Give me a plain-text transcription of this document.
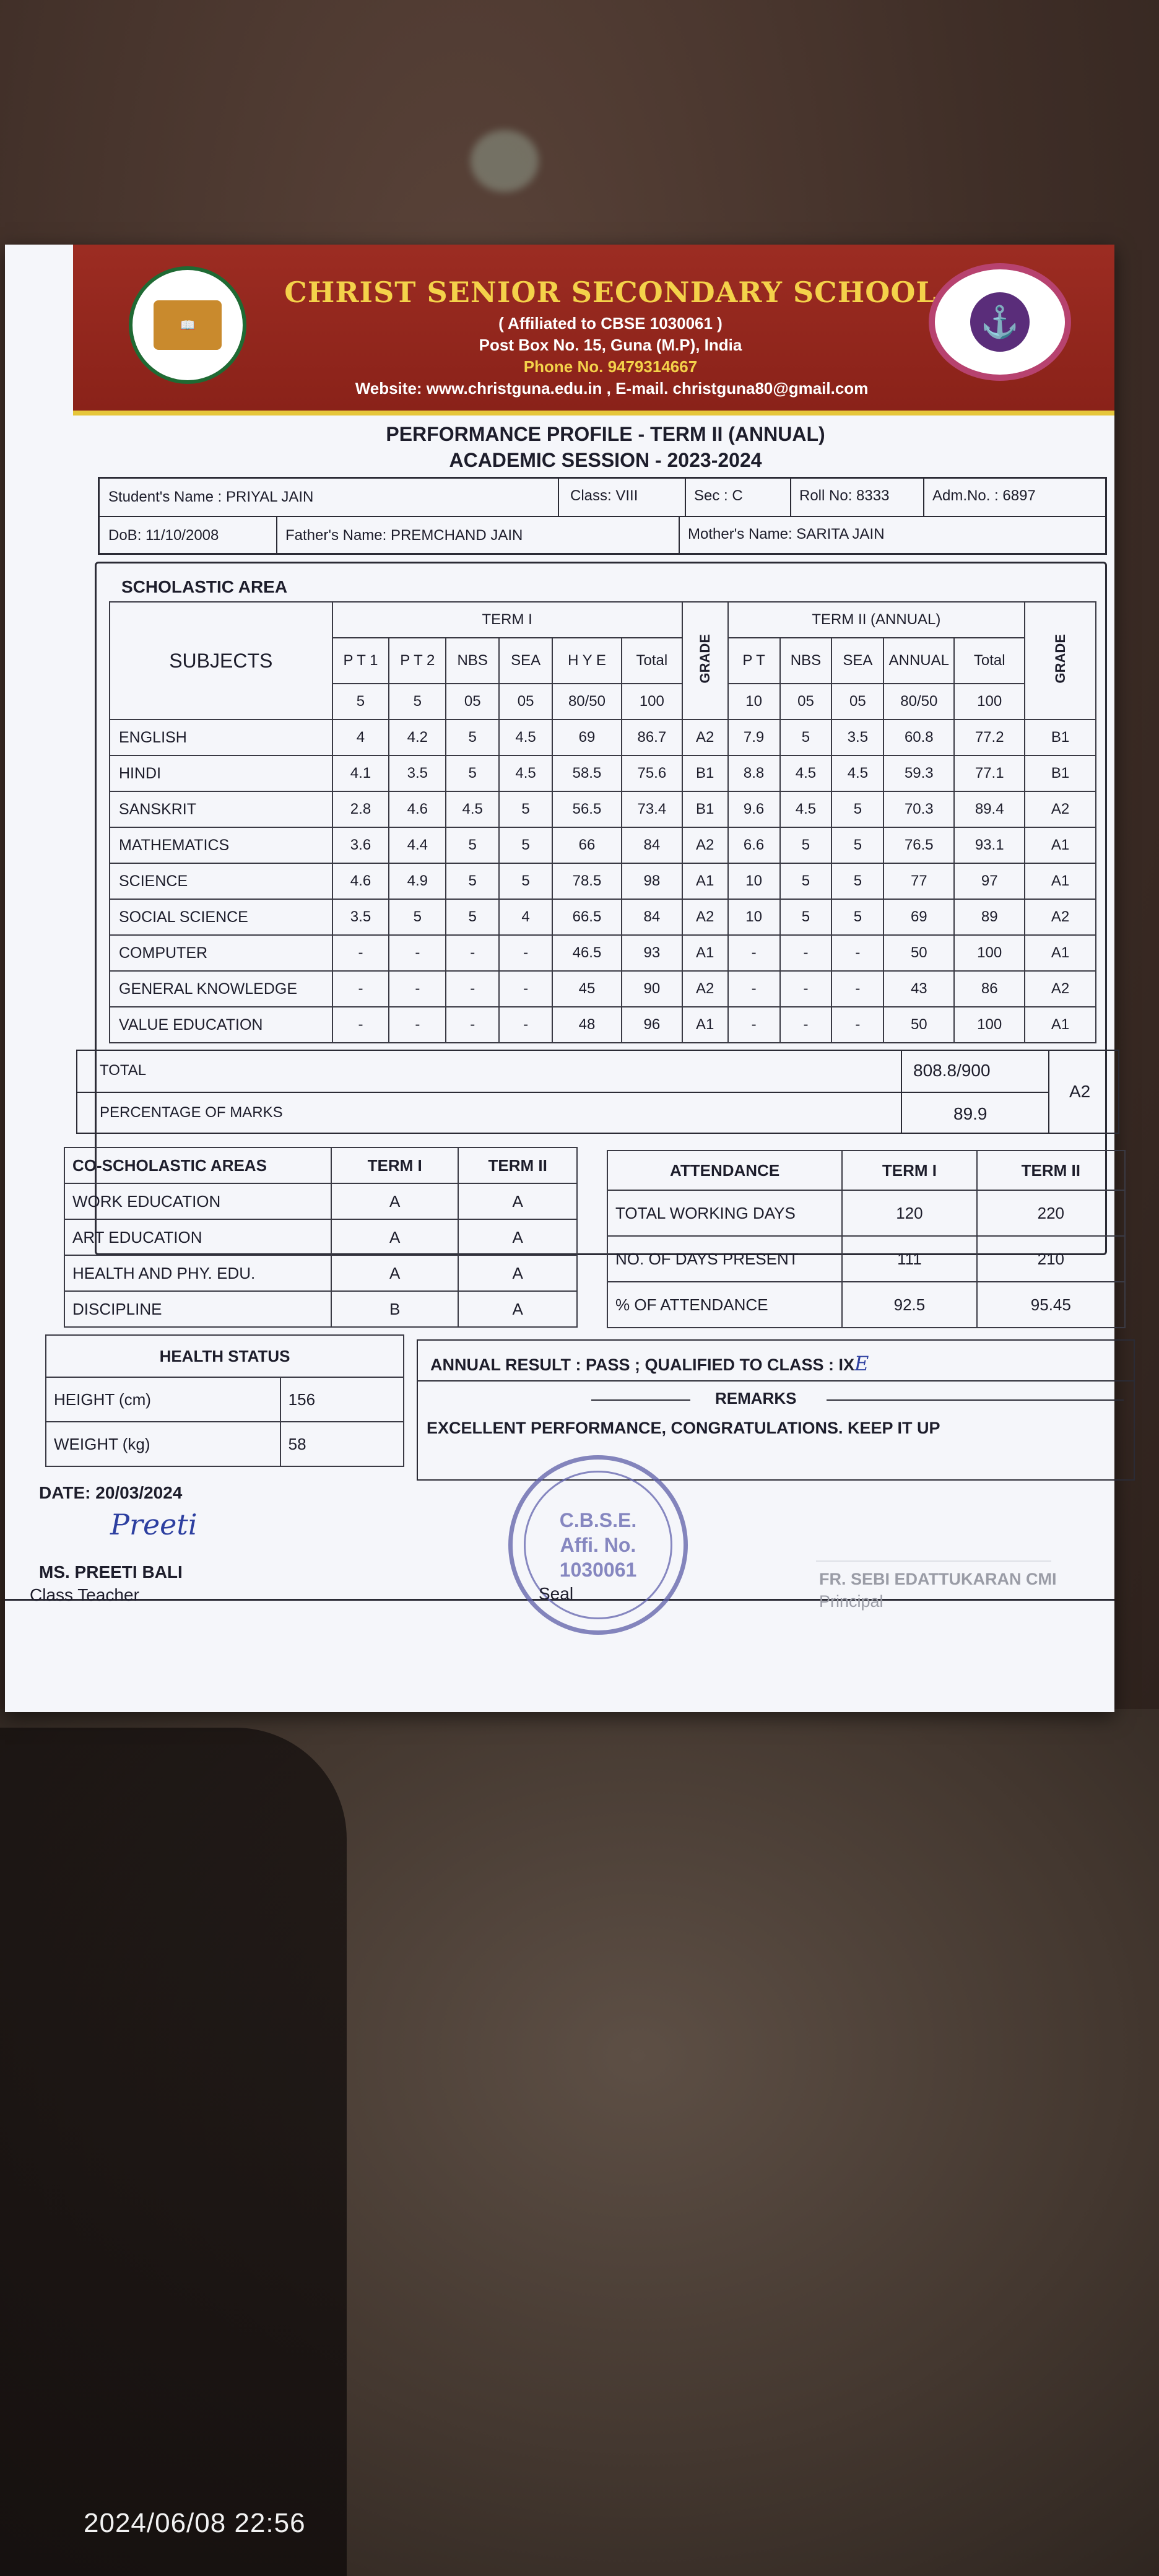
📖
CHRIST SENIOR SECONDARY SCHOOL
( Affiliated to CBSE 1030061 )
Post Box No. 15, Guna (M.P), India
Phone No. 9479314667
Website: www.christguna.edu.in , E-mail. christguna80@gmail.com
⚓
PERFORMANCE PROFILE - TERM II (ANNUAL)
ACADEMIC SESSION - 2023-2024
Student's Name : PRIYAL JAIN	Class: VIII	Sec : C	Roll No: 8333	Adm.No. : 6897
DoB: 11/10/2008	Father's Name: PREMCHAND JAIN	Mother's Name: SARITA JAIN
SCHOLASTIC AREA
SUBJECTS	TERM I						GRADE	TERM II (ANNUAL)					GRADE
	P T 1	P T 2	NBS	SEA	H Y E	Total		P T	NBS	SEA	ANNUAL	Total	
	5	5	05	05	80/50	100		10	05	05	80/50	100	
ENGLISH	4	4.2	5	4.5	69	86.7	A2	7.9	5	3.5	60.8	77.2	B1
HINDI	4.1	3.5	5	4.5	58.5	75.6	B1	8.8	4.5	4.5	59.3	77.1	B1
SANSKRIT	2.8	4.6	4.5	5	56.5	73.4	B1	9.6	4.5	5	70.3	89.4	A2
MATHEMATICS	3.6	4.4	5	5	66	84	A2	6.6	5	5	76.5	93.1	A1
SCIENCE	4.6	4.9	5	5	78.5	98	A1	10	5	5	77	97	A1
SOCIAL SCIENCE	3.5	5	5	4	66.5	84	A2	10	5	5	69	89	A2
COMPUTER	-	-	-	-	46.5	93	A1	-	-	-	50	100	A1
GENERAL KNOWLEDGE	-	-	-	-	45	90	A2	-	-	-	43	86	A2
VALUE EDUCATION	-	-	-	-	48	96	A1	-	-	-	50	100	A1
TOTAL	808.8/900
PERCENTAGE OF MARKS	89.9
A2
CO-SCHOLASTIC AREAS	TERM I	TERM II
WORK EDUCATION	A	A
ART EDUCATION	A	A
HEALTH AND PHY. EDU.	A	A
DISCIPLINE	B	A
ATTENDANCE	TERM I	TERM II
TOTAL WORKING DAYS	120	220
NO. OF DAYS PRESENT	111	210
% OF ATTENDANCE	92.5	95.45
HEALTH STATUS	
HEIGHT (cm)	156
WEIGHT (kg)	58
ANNUAL RESULT : PASS ; QUALIFIED TO CLASS : IXE
REMARKS
EXCELLENT PERFORMANCE, CONGRATULATIONS. KEEP IT UP
DATE: 20/03/2024
Preeti
MS. PREETI BALI
Class Teacher
C.B.S.E. Affi. No. 1030061
Seal
FR. SEBI EDATTUKARAN CMI
Principal
2024/06/08 22:56
